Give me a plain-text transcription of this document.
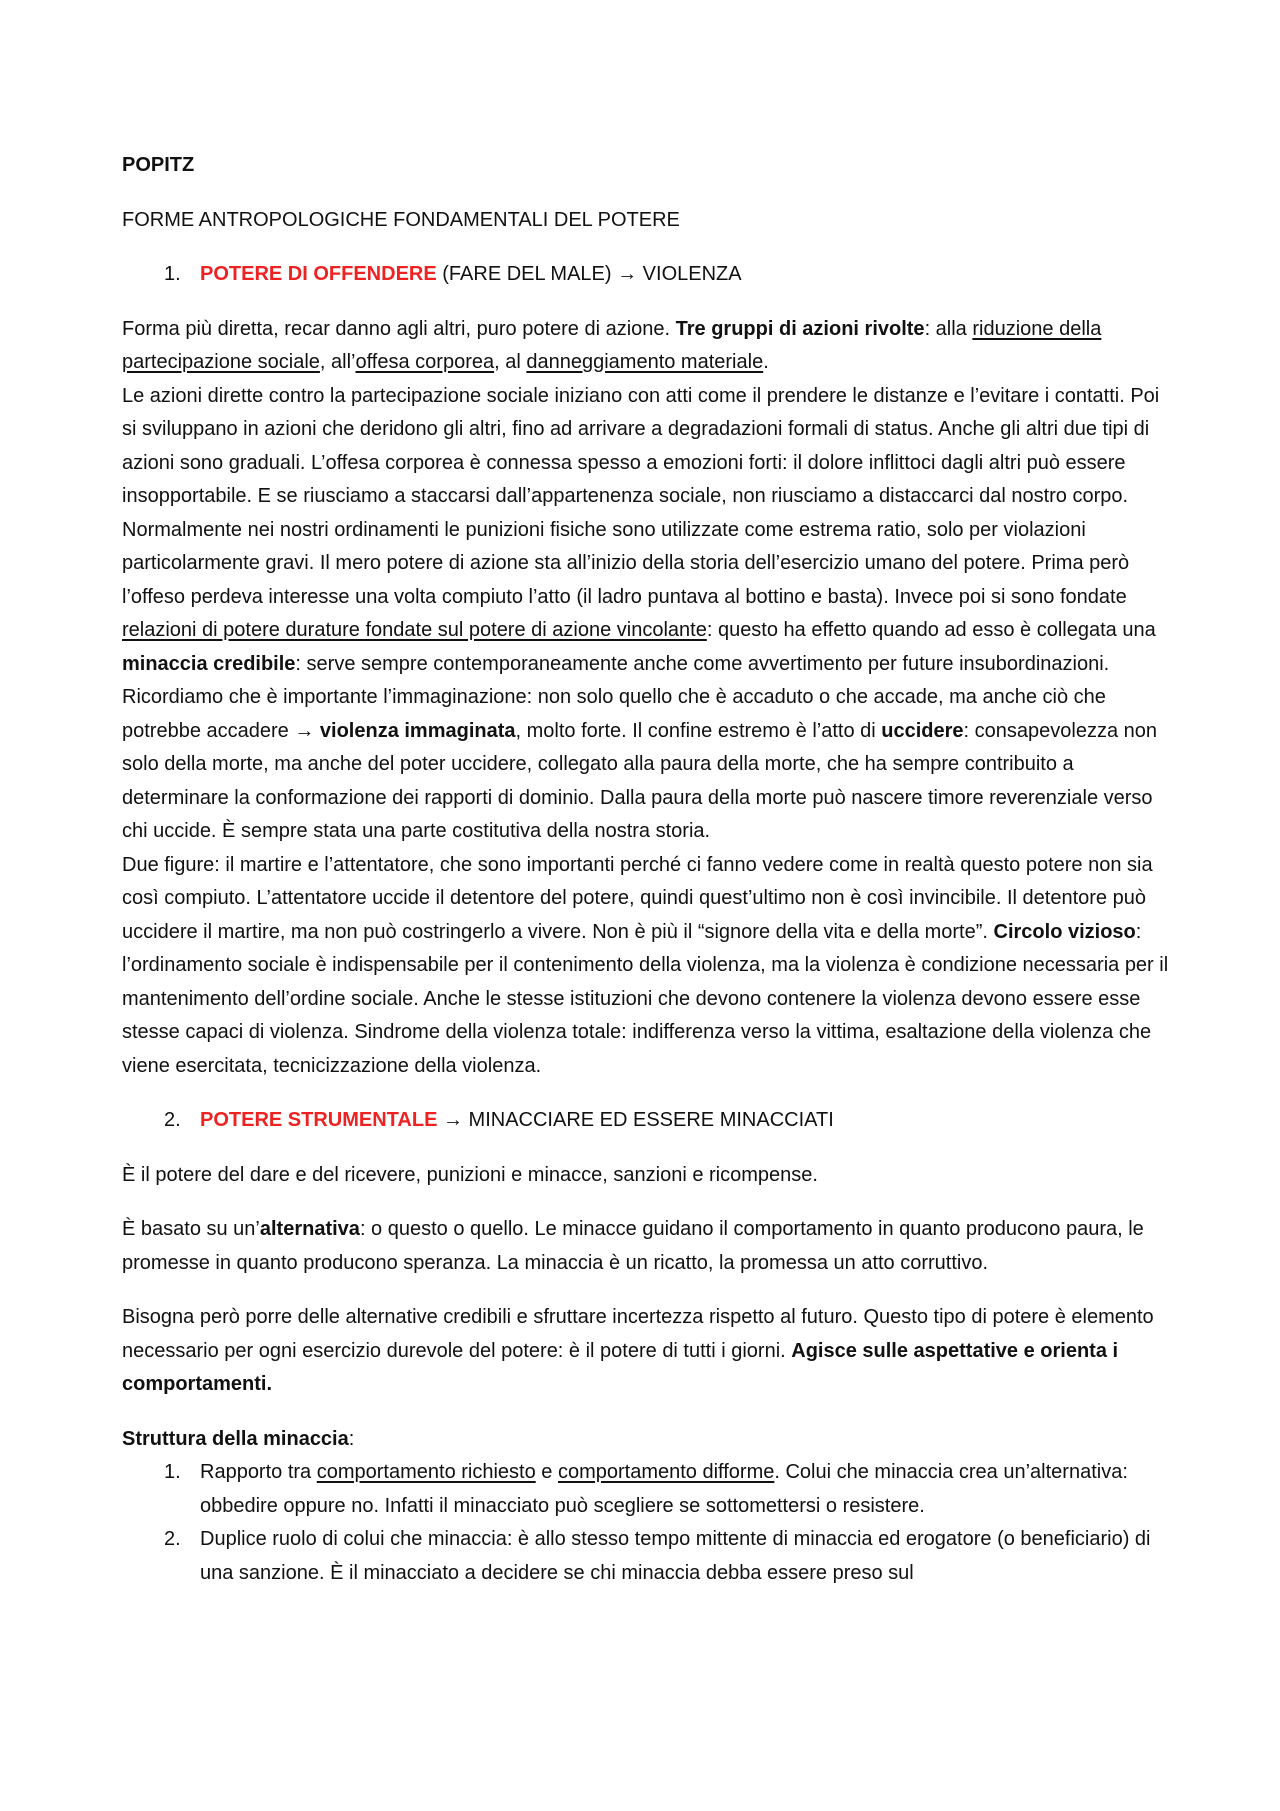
POPITZ

FORME ANTROPOLOGICHE FONDAMENTALI DEL POTERE

1. POTERE DI OFFENDERE (FARE DEL MALE) → VIOLENZA

Forma più diretta, recar danno agli altri, puro potere di azione. Tre gruppi di azioni rivolte: alla riduzione della partecipazione sociale, all’offesa corporea, al danneggiamento materiale.

Le azioni dirette contro la partecipazione sociale iniziano con atti come il prendere le distanze e l’evitare i contatti. Poi si sviluppano in azioni che deridono gli altri, fino ad arrivare a degradazioni formali di status. Anche gli altri due tipi di azioni sono graduali. L’offesa corporea è connessa spesso a emozioni forti: il dolore inflittoci dagli altri può essere insopportabile. E se riusciamo a staccarsi dall’appartenenza sociale, non riusciamo a distaccarci dal nostro corpo. Normalmente nei nostri ordinamenti le punizioni fisiche sono utilizzate come estrema ratio, solo per violazioni particolarmente gravi. Il mero potere di azione sta all’inizio della storia dell’esercizio umano del potere. Prima però l’offeso perdeva interesse una volta compiuto l’atto (il ladro puntava al bottino e basta). Invece poi si sono fondate relazioni di potere durature fondate sul potere di azione vincolante: questo ha effetto quando ad esso è collegata una minaccia credibile: serve sempre contemporaneamente anche come avvertimento per future insubordinazioni. Ricordiamo che è importante l’immaginazione: non solo quello che è accaduto o che accade, ma anche ciò che potrebbe accadere → violenza immaginata, molto forte. Il confine estremo è l’atto di uccidere: consapevolezza non solo della morte, ma anche del poter uccidere, collegato alla paura della morte, che ha sempre contribuito a determinare la conformazione dei rapporti di dominio. Dalla paura della morte può nascere timore reverenziale verso chi uccide. È sempre stata una parte costitutiva della nostra storia.

Due figure: il martire e l’attentatore, che sono importanti perché ci fanno vedere come in realtà questo potere non sia così compiuto. L’attentatore uccide il detentore del potere, quindi quest’ultimo non è così invincibile. Il detentore può uccidere il martire, ma non può costringerlo a vivere. Non è più il “signore della vita e della morte”. Circolo vizioso: l’ordinamento sociale è indispensabile per il contenimento della violenza, ma la violenza è condizione necessaria per il mantenimento dell’ordine sociale. Anche le stesse istituzioni che devono contenere la violenza devono essere esse stesse capaci di violenza. Sindrome della violenza totale: indifferenza verso la vittima, esaltazione della violenza che viene esercitata, tecnicizzazione della violenza.

2. POTERE STRUMENTALE → MINACCIARE ED ESSERE MINACCIATI

È il potere del dare e del ricevere, punizioni e minacce, sanzioni e ricompense.

È basato su un’alternativa: o questo o quello. Le minacce guidano il comportamento in quanto producono paura, le promesse in quanto producono speranza. La minaccia è un ricatto, la promessa un atto corruttivo.

Bisogna però porre delle alternative credibili e sfruttare incertezza rispetto al futuro. Questo tipo di potere è elemento necessario per ogni esercizio durevole del potere: è il potere di tutti i giorni. Agisce sulle aspettative e orienta i comportamenti.

Struttura della minaccia:

1. Rapporto tra comportamento richiesto e comportamento difforme. Colui che minaccia crea un’alternativa: obbedire oppure no. Infatti il minacciato può scegliere se sottomettersi o resistere.
2. Duplice ruolo di colui che minaccia: è allo stesso tempo mittente di minaccia ed erogatore (o beneficiario) di una sanzione. È il minacciato a decidere se chi minaccia debba essere preso sul
